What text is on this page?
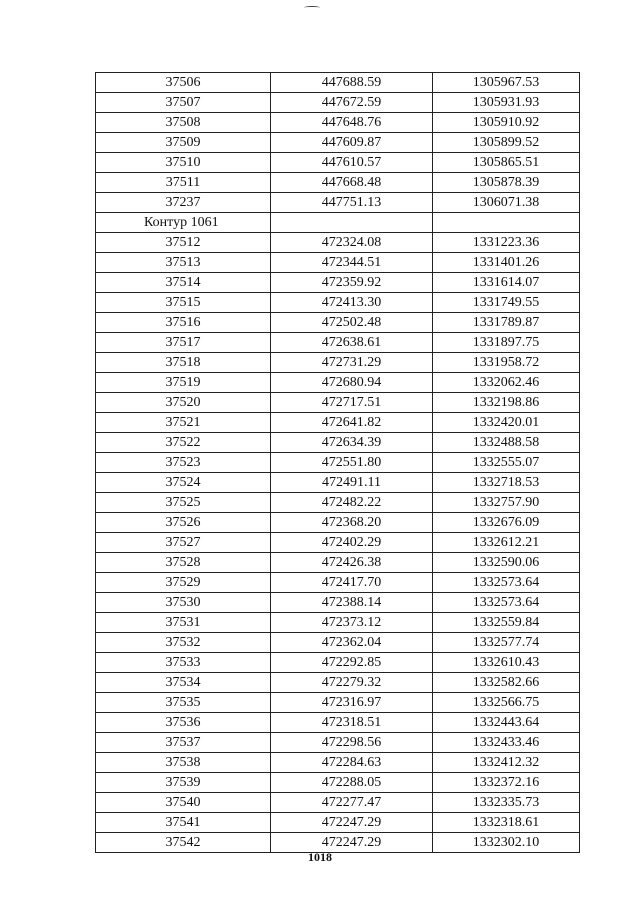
37506	447688.59	1305967.53
37507	447672.59	1305931.93
37508	447648.76	1305910.92
37509	447609.87	1305899.52
37510	447610.57	1305865.51
37511	447668.48	1305878.39
37237	447751.13	1306071.38
Контур 1061		
37512	472324.08	1331223.36
37513	472344.51	1331401.26
37514	472359.92	1331614.07
37515	472413.30	1331749.55
37516	472502.48	1331789.87
37517	472638.61	1331897.75
37518	472731.29	1331958.72
37519	472680.94	1332062.46
37520	472717.51	1332198.86
37521	472641.82	1332420.01
37522	472634.39	1332488.58
37523	472551.80	1332555.07
37524	472491.11	1332718.53
37525	472482.22	1332757.90
37526	472368.20	1332676.09
37527	472402.29	1332612.21
37528	472426.38	1332590.06
37529	472417.70	1332573.64
37530	472388.14	1332573.64
37531	472373.12	1332559.84
37532	472362.04	1332577.74
37533	472292.85	1332610.43
37534	472279.32	1332582.66
37535	472316.97	1332566.75
37536	472318.51	1332443.64
37537	472298.56	1332433.46
37538	472284.63	1332412.32
37539	472288.05	1332372.16
37540	472277.47	1332335.73
37541	472247.29	1332318.61
37542	472247.29	1332302.10
1018
